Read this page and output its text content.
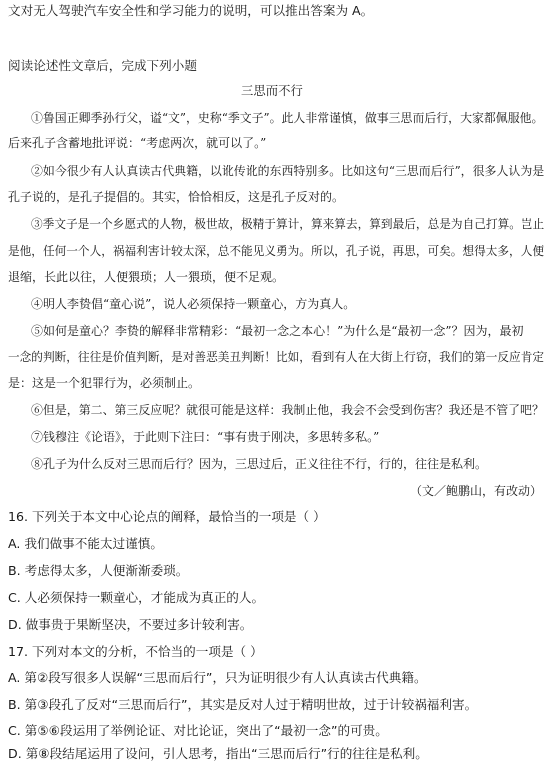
文对无人驾驶汽车安全性和学习能力的说明，可以推出答案为 A。
阅读论述性文章后，完成下列小题
三思而不行
①鲁国正卿季孙行父，谥“文”，史称“季文子”。此人非常谨慎，做事三思而后行，大家都佩服他。
后来孔子含蓄地批评说：“考虑两次，就可以了。”
②如今很少有人认真读古代典籍，以讹传讹的东西特别多。比如这句“三思而后行”，很多人认为是
孔子说的，是孔子提倡的。其实，恰恰相反，这是孔子反对的。
③季文子是一个乡愿式的人物，极世故，极精于算计，算来算去，算到最后，总是为自己打算。岂止
是他，任何一个人，祸福利害计较太深，总不能见义勇为。所以，孔子说，再思，可矣。想得太多，人便
退缩，长此以往，人便猥琐；人一猥琐，便不足观。
④明人李贽倡“童心说”，说人必须保持一颗童心，方为真人。
⑤如何是童心？李贽的解释非常精彩：“最初一念之本心！”为什么是“最初一念”？因为，最初
一念的判断，往往是价值判断，是对善恶美丑判断！比如，看到有人在大街上行窃，我们的第一反应肯定
是：这是一个犯罪行为，必须制止。
⑥但是，第二、第三反应呢？就很可能是这样：我制止他，我会不会受到伤害？我还是不管了吧？
⑦钱穆注《论语》，于此则下注曰：“事有贵于刚决，多思转多私。”
⑧孔子为什么反对三思而后行？因为，三思过后，正义往往不行，行的，往往是私利。
（文／鲍鹏山，有改动）
16. 下列关于本文中心论点的阐释，最恰当的一项是（ ）
A. 我们做事不能太过谨慎。
B. 考虑得太多，人便渐渐委琐。
C. 人必须保持一颗童心，才能成为真正的人。
D. 做事贵于果断坚决，不要过多计较利害。
17. 下列对本文的分析，不恰当的一项是（ ）
A. 第②段写很多人误解“三思而后行”，只为证明很少有人认真读古代典籍。
B. 第③段孔了反对“三思而后行”，其实是反对人过于精明世故，过于计较祸福利害。
C. 第⑤⑥段运用了举例论证、对比论证，突出了“最初一念”的可贵。
D. 第⑧段结尾运用了设问，引人思考，指出“三思而后行”行的往往是私利。
